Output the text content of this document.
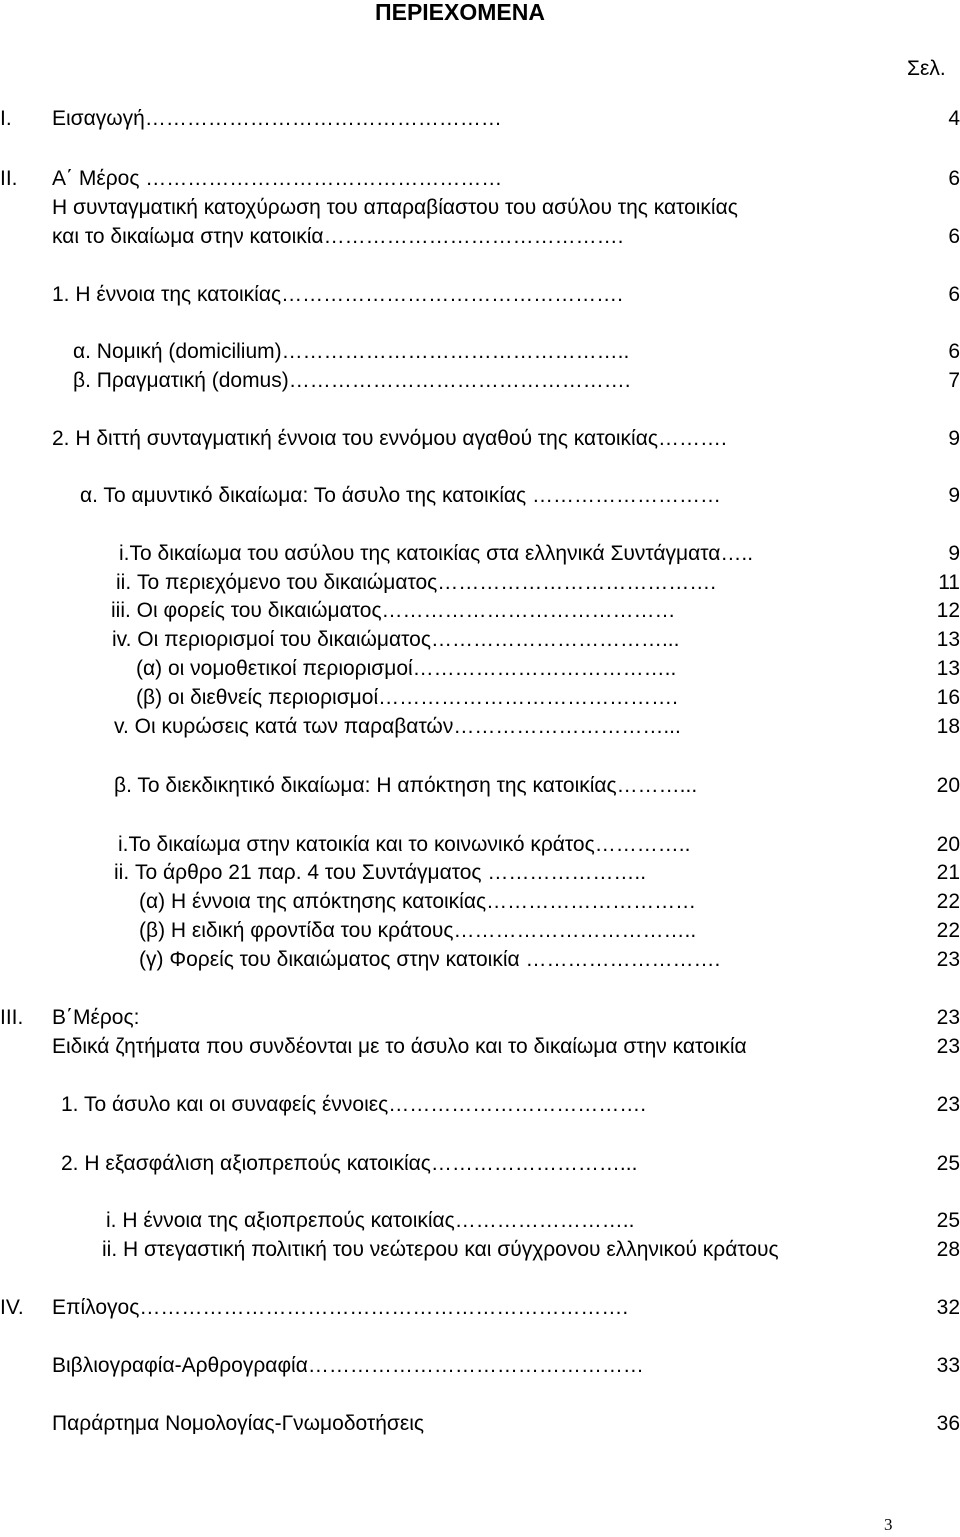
ΠΕΡΙΕΧΟΜΕΝΑ
Σελ.
I.	Εισαγωγή……………………………………………	4
II.	Α΄ Μέρος ……………………………………………	6
Η συνταγματική κατοχύρωση του απαραβίαστου του ασύλου της κατοικίας
και το δικαίωμα στην κατοικία…………………………………….	6
1. Η έννοια της κατοικίας………………………………………….	6
α. Νομική (domicilium)…………………………………………..	6
β. Πραγματική (domus)………………………………………….	7
2. Η διττή συνταγματική έννοια του εννόμου αγαθού της κατοικίας……….	9
α. Το αμυντικό δικαίωμα: Το άσυλο της κατοικίας ………………………	9
i.Το δικαίωμα του ασύλου της κατοικίας στα ελληνικά Συντάγματα…..	9
ii. Το περιεχόμενο του δικαιώματος………………………………….	11
iii. Οι φορείς του δικαιώματος……………………………………	12
iv. Οι περιορισμοί του δικαιώματος……………………………...	13
(α) οι νομοθετικοί περιορισμοί………………………………..	13
(β) οι διεθνείς περιορισμοί…………………………………….	16
v. Οι κυρώσεις κατά των παραβατών…………………………...	18
β. Το διεκδικητικό δικαίωμα: Η απόκτηση της κατοικίας………...	20
i.Το δικαίωμα στην κατοικία και το κοινωνικό κράτος…………..	20
ii. Το άρθρο 21 παρ. 4 του Συντάγματος …………………..	21
(α) Η έννοια της απόκτησης κατοικίας…………………………	22
(β) Η ειδική φροντίδα του κράτους……………………………..	22
(γ) Φορείς του δικαιώματος στην κατοικία ……………………….	23
III.	Β΄Μέρος:	23
Ειδικά ζητήματα που συνδέονται με το άσυλο και το δικαίωμα στην κατοικία	23
1. Το άσυλο και οι συναφείς έννοιες……………………………….	23
2. Η εξασφάλιση αξιοπρεπούς κατοικίας………………………...	25
i. Η έννοια της αξιοπρεπούς κατοικίας……………………..	25
ii. Η στεγαστική πολιτική του νεώτερου και σύγχρονου ελληνικού κράτους	28
IV.	Επίλογος…………………………………………………………….	32
Βιβλιογραφία-Αρθρογραφία…………………………………………	33
Παράρτημα Νομολογίας-Γνωμοδοτήσεις	36
3
